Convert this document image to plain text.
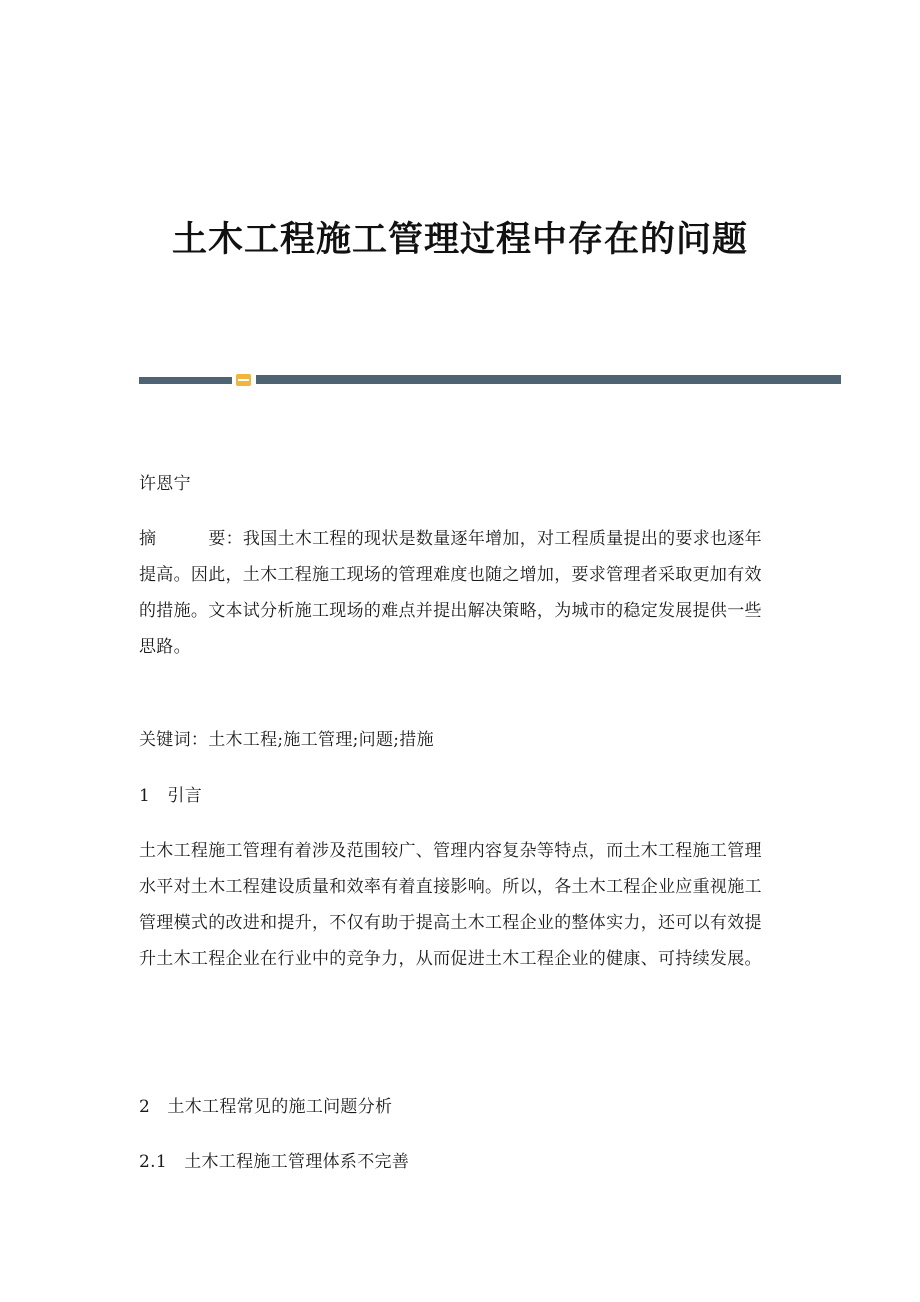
土木工程施工管理过程中存在的问题
许恩宁

摘	要：我国土木工程的现状是数量逐年增加，对工程质量提出的要求也逐年提高。因此，土木工程施工现场的管理难度也随之增加，要求管理者采取更加有效的措施。文本试分析施工现场的难点并提出解决策略，为城市的稳定发展提供一些思路。

关键词：土木工程;施工管理;问题;措施
1　引言
土木工程施工管理有着涉及范围较广、管理内容复杂等特点，而土木工程施工管理水平对土木工程建设质量和效率有着直接影响。所以，各土木工程企业应重视施工管理模式的改进和提升，不仅有助于提高土木工程企业的整体实力，还可以有效提升土木工程企业在行业中的竞争力，从而促进土木工程企业的健康、可持续发展。
2　土木工程常见的施工问题分析
2.1　土木工程施工管理体系不完善
